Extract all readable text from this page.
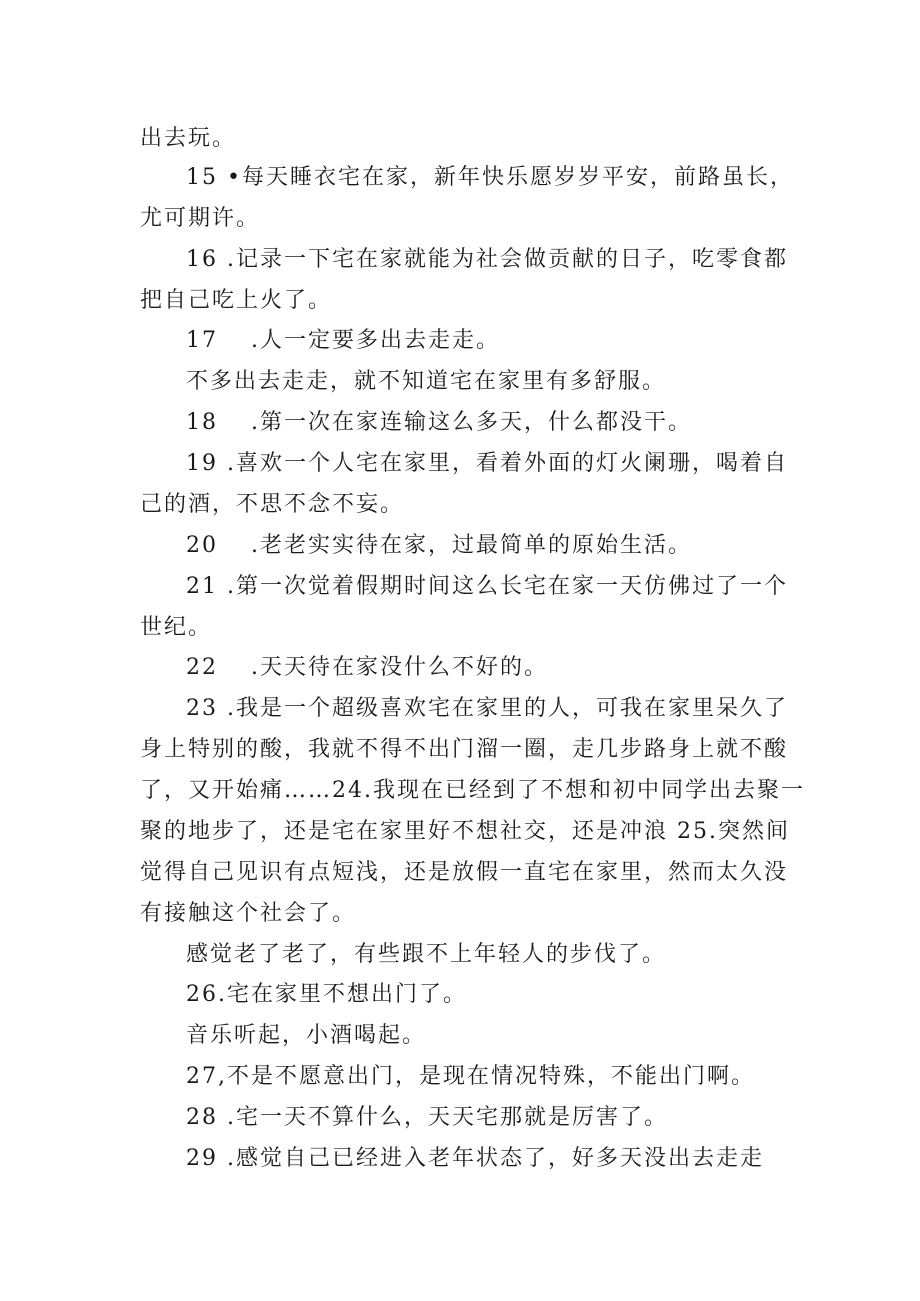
出去玩。
15 •每天睡衣宅在家，新年快乐愿岁岁平安，前路虽长，
尤可期许。
16 .记录一下宅在家就能为社会做贡献的日子，吃零食都
把自己吃上火了。
17　 .人一定要多出去走走。
不多出去走走，就不知道宅在家里有多舒服。
18　 .第一次在家连输这么多天，什么都没干。
19 .喜欢一个人宅在家里，看着外面的灯火阑珊，喝着自
己的酒，不思不念不妄。
20　 .老老实实待在家，过最简单的原始生活。
21 .第一次觉着假期时间这么长宅在家一天仿佛过了一个
世纪。
22　 .天天待在家没什么不好的。
23 .我是一个超级喜欢宅在家里的人，可我在家里呆久了
身上特别的酸，我就不得不出门溜一圈，走几步路身上就不酸
了，又开始痛……24.我现在已经到了不想和初中同学出去聚一
聚的地步了，还是宅在家里好不想社交，还是冲浪 25.突然间
觉得自己见识有点短浅，还是放假一直宅在家里，然而太久没
有接触这个社会了。
感觉老了老了，有些跟不上年轻人的步伐了。
26.宅在家里不想出门了。
音乐听起，小酒喝起。
27,不是不愿意出门，是现在情况特殊，不能出门啊。
28 .宅一天不算什么，天天宅那就是厉害了。
29 .感觉自己已经进入老年状态了，好多天没出去走走
